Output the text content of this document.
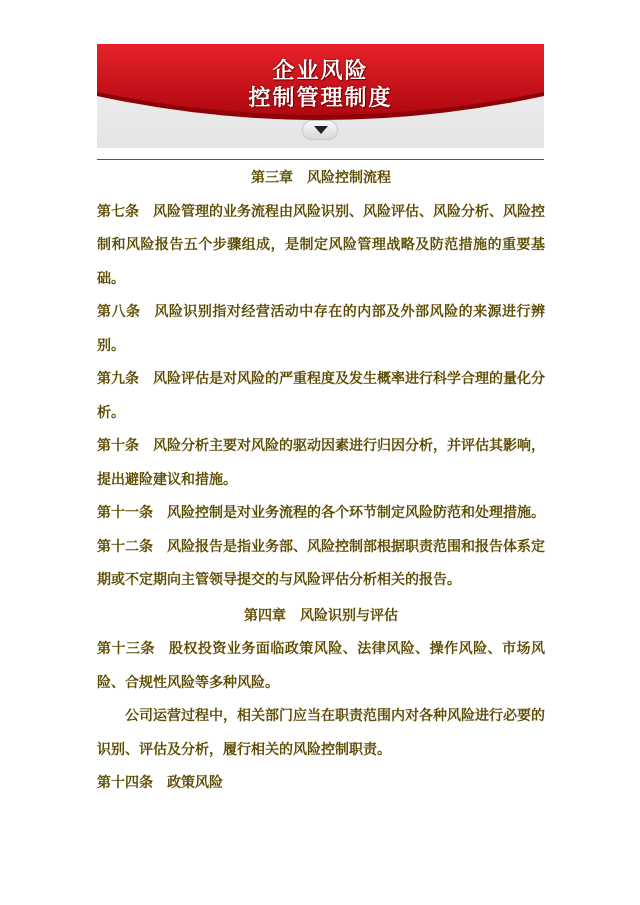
企业风险
控制管理制度

第三章　风险控制流程

第七条 风险管理的业务流程由风险识别、风险评估、风险分析、风险控制和风险报告五个步骤组成，是制定风险管理战略及防范措施的重要基础。

第八条 风险识别指对经营活动中存在的内部及外部风险的来源进行辨别。

第九条 风险评估是对风险的严重程度及发生概率进行科学合理的量化分析。

第十条 风险分析主要对风险的驱动因素进行归因分析，并评估其影响，提出避险建议和措施。

第十一条 风险控制是对业务流程的各个环节制定风险防范和处理措施。

第十二条 风险报告是指业务部、风险控制部根据职责范围和报告体系定期或不定期向主管领导提交的与风险评估分析相关的报告。

第四章　风险识别与评估

第十三条 股权投资业务面临政策风险、法律风险、操作风险、市场风险、合规性风险等多种风险。

公司运营过程中，相关部门应当在职责范围内对各种风险进行必要的识别、评估及分析，履行相关的风险控制职责。

第十四条 政策风险
